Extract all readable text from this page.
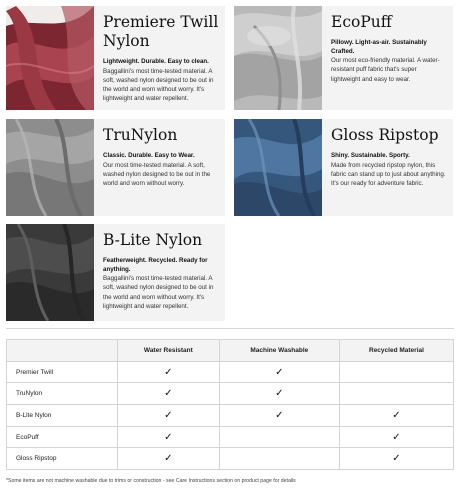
Premiere Twill
Nylon
Lightweight. Durable. Easy to clean.
Baggallini's most time-tested material. A soft, washed nylon designed to be out in the world and worn without worry. It's lightweight and water repellent.
EcoPuff
Pillowy. Light-as-air. Sustainably Crafted.
Our most eco-friendly material. A water-resistant puff fabric that's super lightweight and easy to wear.
TruNylon
Classic. Durable. Easy to Wear.
Our most time-tested material. A soft, washed nylon designed to be out in the world and worn without worry.
Gloss Ripstop
Shiny. Sustainable. Sporty.
Made from recycled ripstop nylon, this fabric can stand up to just about anything. It's our ready for adventure fabric.
B-Lite Nylon
Featherweight. Recycled. Ready for anything.
Baggallini's most time-tested material. A soft, washed nylon designed to be out in the world and worn without worry. It's lightweight and water repellent.
	Water Resistant	Machine Washable	Recycled Material
Premier Twill	✓	✓	
TruNylon	✓	✓	
B-Lite Nylon	✓	✓	✓
EcoPuff	✓		✓
Gloss Ripstop	✓		✓
*Some items are not machine washable due to trims or construction - see Care Instructions section on product page for details
